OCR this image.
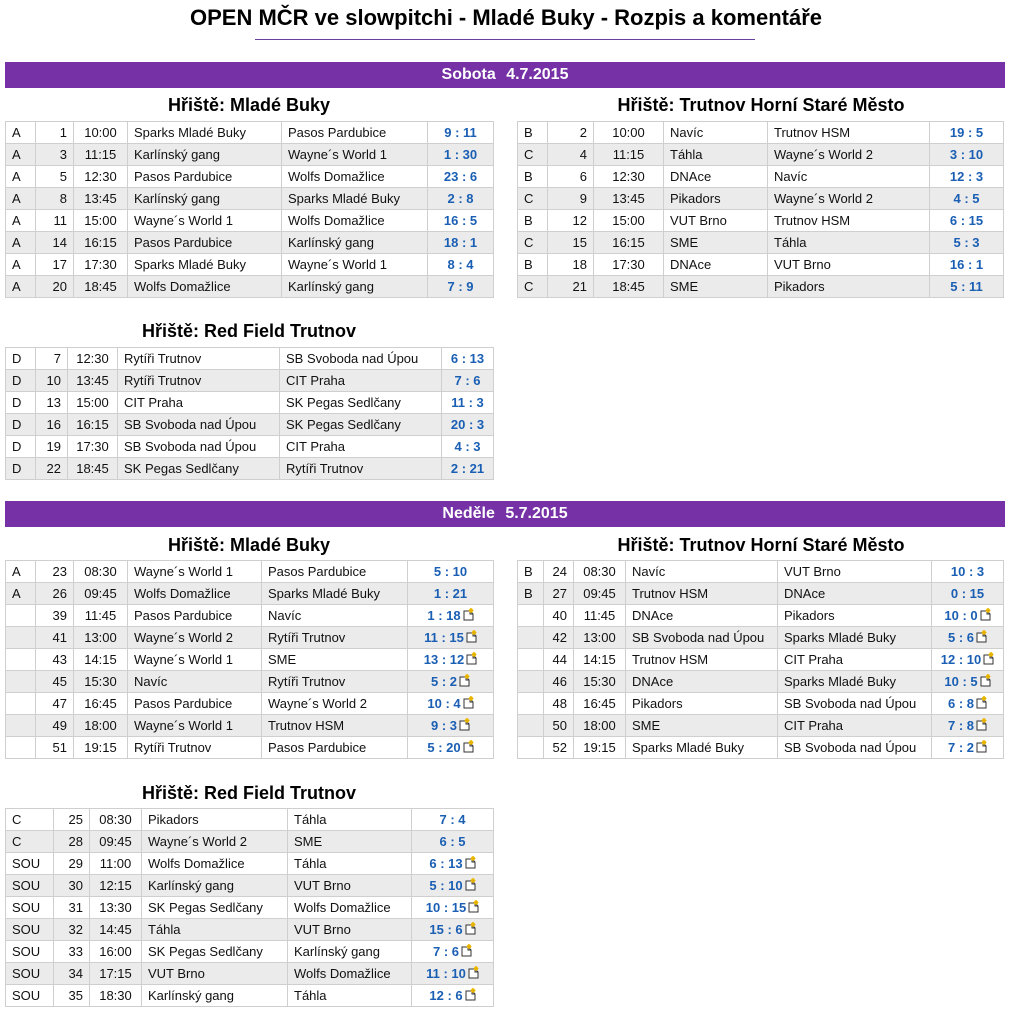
OPEN MČR ve slowpitchi - Mladé Buky - Rozpis a komentáře
Sobota 4.7.2015
Hřiště: Mladé Buky
A	1	10:00	Sparks Mladé Buky	Pasos Pardubice	9 : 11
A	3	11:15	Karlínský gang	Wayne´s World 1	1 : 30
A	5	12:30	Pasos Pardubice	Wolfs Domažlice	23 : 6
A	8	13:45	Karlínský gang	Sparks Mladé Buky	2 : 8
A	11	15:00	Wayne´s World 1	Wolfs Domažlice	16 : 5
A	14	16:15	Pasos Pardubice	Karlínský gang	18 : 1
A	17	17:30	Sparks Mladé Buky	Wayne´s World 1	8 : 4
A	20	18:45	Wolfs Domažlice	Karlínský gang	7 : 9
Hřiště: Trutnov Horní Staré Město
B	2	10:00	Navíc	Trutnov HSM	19 : 5
C	4	11:15	Táhla	Wayne´s World 2	3 : 10
B	6	12:30	DNAce	Navíc	12 : 3
C	9	13:45	Pikadors	Wayne´s World 2	4 : 5
B	12	15:00	VUT Brno	Trutnov HSM	6 : 15
C	15	16:15	SME	Táhla	5 : 3
B	18	17:30	DNAce	VUT Brno	16 : 1
C	21	18:45	SME	Pikadors	5 : 11
Hřiště: Red Field Trutnov
D	7	12:30	Rytíři Trutnov	SB Svoboda nad Úpou	6 : 13
D	10	13:45	Rytíři Trutnov	CIT Praha	7 : 6
D	13	15:00	CIT Praha	SK Pegas Sedlčany	11 : 3
D	16	16:15	SB Svoboda nad Úpou	SK Pegas Sedlčany	20 : 3
D	19	17:30	SB Svoboda nad Úpou	CIT Praha	4 : 3
D	22	18:45	SK Pegas Sedlčany	Rytíři Trutnov	2 : 21
Neděle 5.7.2015
Hřiště: Mladé Buky
A	23	08:30	Wayne´s World 1	Pasos Pardubice	5 : 10
A	26	09:45	Wolfs Domažlice	Sparks Mladé Buky	1 : 21
	39	11:45	Pasos Pardubice	Navíc	1 : 18
	41	13:00	Wayne´s World 2	Rytíři Trutnov	11 : 15
	43	14:15	Wayne´s World 1	SME	13 : 12
	45	15:30	Navíc	Rytíři Trutnov	5 : 2
	47	16:45	Pasos Pardubice	Wayne´s World 2	10 : 4
	49	18:00	Wayne´s World 1	Trutnov HSM	9 : 3
	51	19:15	Rytíři Trutnov	Pasos Pardubice	5 : 20
Hřiště: Trutnov Horní Staré Město
B	24	08:30	Navíc	VUT Brno	10 : 3
B	27	09:45	Trutnov HSM	DNAce	0 : 15
	40	11:45	DNAce	Pikadors	10 : 0
	42	13:00	SB Svoboda nad Úpou	Sparks Mladé Buky	5 : 6
	44	14:15	Trutnov HSM	CIT Praha	12 : 10
	46	15:30	DNAce	Sparks Mladé Buky	10 : 5
	48	16:45	Pikadors	SB Svoboda nad Úpou	6 : 8
	50	18:00	SME	CIT Praha	7 : 8
	52	19:15	Sparks Mladé Buky	SB Svoboda nad Úpou	7 : 2
Hřiště: Red Field Trutnov
C	25	08:30	Pikadors	Táhla	7 : 4
C	28	09:45	Wayne´s World 2	SME	6 : 5
SOU	29	11:00	Wolfs Domažlice	Táhla	6 : 13
SOU	30	12:15	Karlínský gang	VUT Brno	5 : 10
SOU	31	13:30	SK Pegas Sedlčany	Wolfs Domažlice	10 : 15
SOU	32	14:45	Táhla	VUT Brno	15 : 6
SOU	33	16:00	SK Pegas Sedlčany	Karlínský gang	7 : 6
SOU	34	17:15	VUT Brno	Wolfs Domažlice	11 : 10
SOU	35	18:30	Karlínský gang	Táhla	12 : 6
